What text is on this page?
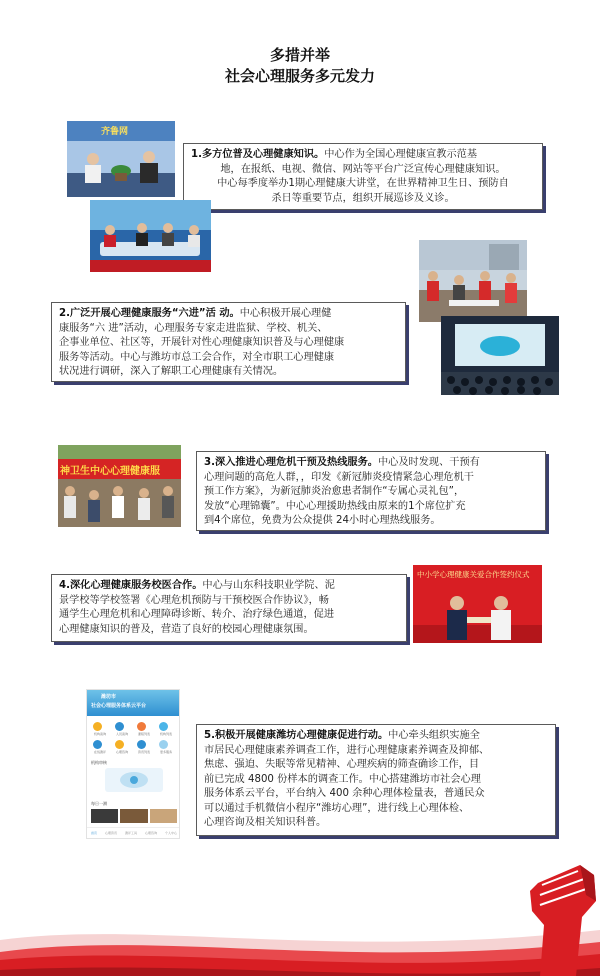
多措并举
社会心理服务多元发力
齐鲁网
1.多方位普及心理健康知识。中心作为全国心理健康宣教示范基
地，在报纸、电视、微信、网站等平台广泛宣传心理健康知识。
中心每季度举办1期心理健康大讲堂，在世界精神卫生日、预防自
杀日等重要节点，组织开展巡诊及义诊。
2.广泛开展心理健康服务“六进”活 动。中心积极开展心理健
康服务“六 进”活动，心理服务专家走进监狱、学校、机关、
企事业单位、社区等，开展针对性心理健康知识普及与心理健康
服务等活动。中心与潍坊市总工会合作，对全市职工心理健康
状况进行调研，深入了解职工心理健康有关情况。
神卫生中心心理健康服
3.深入推进心理危机干预及热线服务。中心及时发现、干预有
心理问题的高危人群，，印发《新冠肺炎疫情紧急心理危机干
预工作方案》，为新冠肺炎治愈患者制作“专属心灵礼包”，
发放“心理锦囊”。中心心理援助热线由原来的1个席位扩充
到4个席位，免费为公众提供 24小时心理热线服务。
4.深化心理健康服务校医合作。中心与山东科技职业学院、泥
景学校等学校签署《心理危机预防与干预校医合作协议》，畅
通学生心理危机和心理障碍诊断、转介、治疗绿色通道，促进
心理健康知识的普及，营造了良好的校园心理健康氛围。
中小学心理健康关爱合作签约仪式
潍坊市
社会心理服务体系云平台
机构查询	人员查询	课程列表	机构列表
在线测评	心理咨询	资讯列表	更多服务
机构审核
每日一测
首页	心理资讯	测评工具	心理咨询	个人中心
5.积极开展健康潍坊心理健康促进行动。中心牵头组织实施全
市居民心理健康素养调查工作，进行心理健康素养调查及抑郁、
焦虑、强迫、失眠等常见精神、心理疾病的筛查确诊工作，目
前已完成 4800 份样本的调查工作。中心搭建潍坊市社会心理
服务体系云平台，平台纳入 400 余种心理体检量表，普通民众
可以通过手机微信小程序“潍坊心理”，进行线上心理体检、
心理咨询及相关知识科普。
